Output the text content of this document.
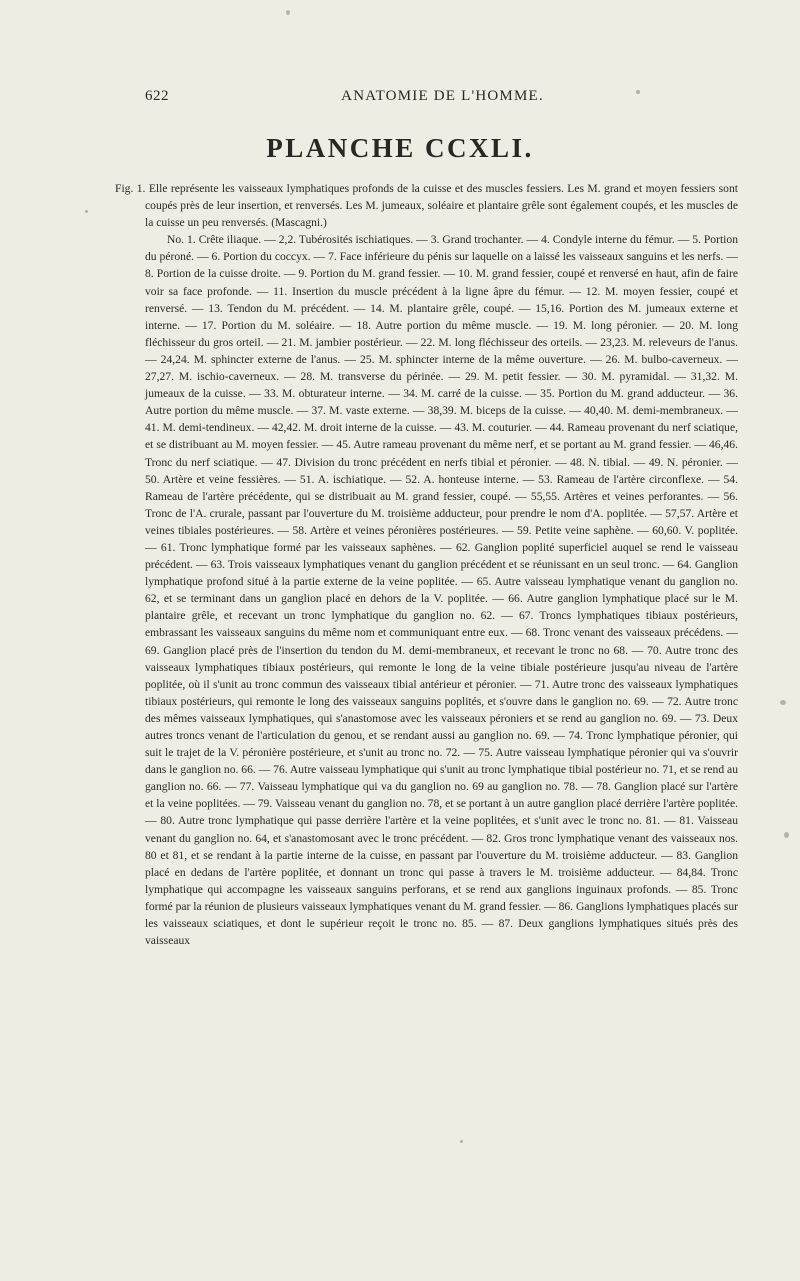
622	ANATOMIE DE L'HOMME.
PLANCHE CCXLI.

Fig. 1. Elle représente les vaisseaux lymphatiques profonds de la cuisse et des muscles fessiers. Les M. grand et moyen fessiers sont coupés près de leur insertion, et renversés. Les M. jumeaux, soléaire et plantaire grêle sont également coupés, et les muscles de la cuisse un peu renversés. (Mascagni.)

No. 1. Crête iliaque. — 2,2. Tubérosités ischiatiques. — 3. Grand trochanter. — 4. Condyle interne du fémur. — 5. Portion du péroné. — 6. Portion du coccyx. — 7. Face inférieure du pénis sur laquelle on a laissé les vaisseaux sanguins et les nerfs. — 8. Portion de la cuisse droite. — 9. Portion du M. grand fessier. — 10. M. grand fessier, coupé et renversé en haut, afin de faire voir sa face profonde. — 11. Insertion du muscle précédent à la ligne âpre du fémur. — 12. M. moyen fessier, coupé et renversé. — 13. Tendon du M. précédent. — 14. M. plantaire grêle, coupé. — 15,16. Portion des M. jumeaux externe et interne. — 17. Portion du M. soléaire. — 18. Autre portion du même muscle. — 19. M. long péronier. — 20. M. long fléchisseur du gros orteil. — 21. M. jambier postérieur. — 22. M. long fléchisseur des orteils. — 23,23. M. releveurs de l'anus. — 24,24. M. sphincter externe de l'anus. — 25. M. sphincter interne de la même ouverture. — 26. M. bulbo-caverneux. — 27,27. M. ischio-caverneux. — 28. M. transverse du périnée. — 29. M. petit fessier. — 30. M. pyramidal. — 31,32. M. jumeaux de la cuisse. — 33. M. obturateur interne. — 34. M. carré de la cuisse. — 35. Portion du M. grand adducteur. — 36. Autre portion du même muscle. — 37. M. vaste externe. — 38,39. M. biceps de la cuisse. — 40,40. M. demi-membraneux. — 41. M. demi-tendineux. — 42,42. M. droit interne de la cuisse. — 43. M. couturier. — 44. Rameau provenant du nerf sciatique, et se distribuant au M. moyen fessier. — 45. Autre rameau provenant du même nerf, et se portant au M. grand fessier. — 46,46. Tronc du nerf sciatique. — 47. Division du tronc précédent en nerfs tibial et péronier. — 48. N. tibial. — 49. N. péronier. — 50. Artère et veine fessières. — 51. A. ischiatique. — 52. A. honteuse interne. — 53. Rameau de l'artère circonflexe. — 54. Rameau de l'artère précédente, qui se distribuait au M. grand fessier, coupé. — 55,55. Artères et veines perforantes. — 56. Tronc de l'A. crurale, passant par l'ouverture du M. troisième adducteur, pour prendre le nom d'A. poplitée. — 57,57. Artère et veines tibiales postérieures. — 58. Artère et veines péronières postérieures. — 59. Petite veine saphène. — 60,60. V. poplitée. — 61. Tronc lymphatique formé par les vaisseaux saphènes. — 62. Ganglion poplité superficiel auquel se rend le vaisseau précédent. — 63. Trois vaisseaux lymphatiques venant du ganglion précédent et se réunissant en un seul tronc. — 64. Ganglion lymphatique profond situé à la partie externe de la veine poplitée. — 65. Autre vaisseau lymphatique venant du ganglion no. 62, et se terminant dans un ganglion placé en dehors de la V. poplitée. — 66. Autre ganglion lymphatique placé sur le M. plantaire grêle, et recevant un tronc lymphatique du ganglion no. 62. — 67. Troncs lymphatiques tibiaux postérieurs, embrassant les vaisseaux sanguins du même nom et communiquant entre eux. — 68. Tronc venant des vaisseaux précédens. — 69. Ganglion placé près de l'insertion du tendon du M. demi-membraneux, et recevant le tronc no 68. — 70. Autre tronc des vaisseaux lymphatiques tibiaux postérieurs, qui remonte le long de la veine tibiale postérieure jusqu'au niveau de l'artère poplitée, où il s'unit au tronc commun des vaisseaux tibial antérieur et péronier. — 71. Autre tronc des vaisseaux lymphatiques tibiaux postérieurs, qui remonte le long des vaisseaux sanguins poplités, et s'ouvre dans le ganglion no. 69. — 72. Autre tronc des mêmes vaisseaux lymphatiques, qui s'anastomose avec les vaisseaux péroniers et se rend au ganglion no. 69. — 73. Deux autres troncs venant de l'articulation du genou, et se rendant aussi au ganglion no. 69. — 74. Tronc lymphatique péronier, qui suit le trajet de la V. péronière postérieure, et s'unit au tronc no. 72. — 75. Autre vaisseau lymphatique péronier qui va s'ouvrir dans le ganglion no. 66. — 76. Autre vaisseau lymphatique qui s'unit au tronc lymphatique tibial postérieur no. 71, et se rend au ganglion no. 66. — 77. Vaisseau lymphatique qui va du ganglion no. 69 au ganglion no. 78. — 78. Ganglion placé sur l'artère et la veine poplitées. — 79. Vaisseau venant du ganglion no. 78, et se portant à un autre ganglion placé derrière l'artère poplitée. — 80. Autre tronc lymphatique qui passe derrière l'artère et la veine poplitées, et s'unit avec le tronc no. 81. — 81. Vaisseau venant du ganglion no. 64, et s'anastomosant avec le tronc précédent. — 82. Gros tronc lymphatique venant des vaisseaux nos. 80 et 81, et se rendant à la partie interne de la cuisse, en passant par l'ouverture du M. troisième adducteur. — 83. Ganglion placé en dedans de l'artère poplitée, et donnant un tronc qui passe à travers le M. troisième adducteur. — 84,84. Tronc lymphatique qui accompagne les vaisseaux sanguins perforans, et se rend aux ganglions inguinaux profonds. — 85. Tronc formé par la réunion de plusieurs vaisseaux lymphatiques venant du M. grand fessier. — 86. Ganglions lymphatiques placés sur les vaisseaux sciatiques, et dont le supérieur reçoit le tronc no. 85. — 87. Deux ganglions lymphatiques situés près des vaisseaux
